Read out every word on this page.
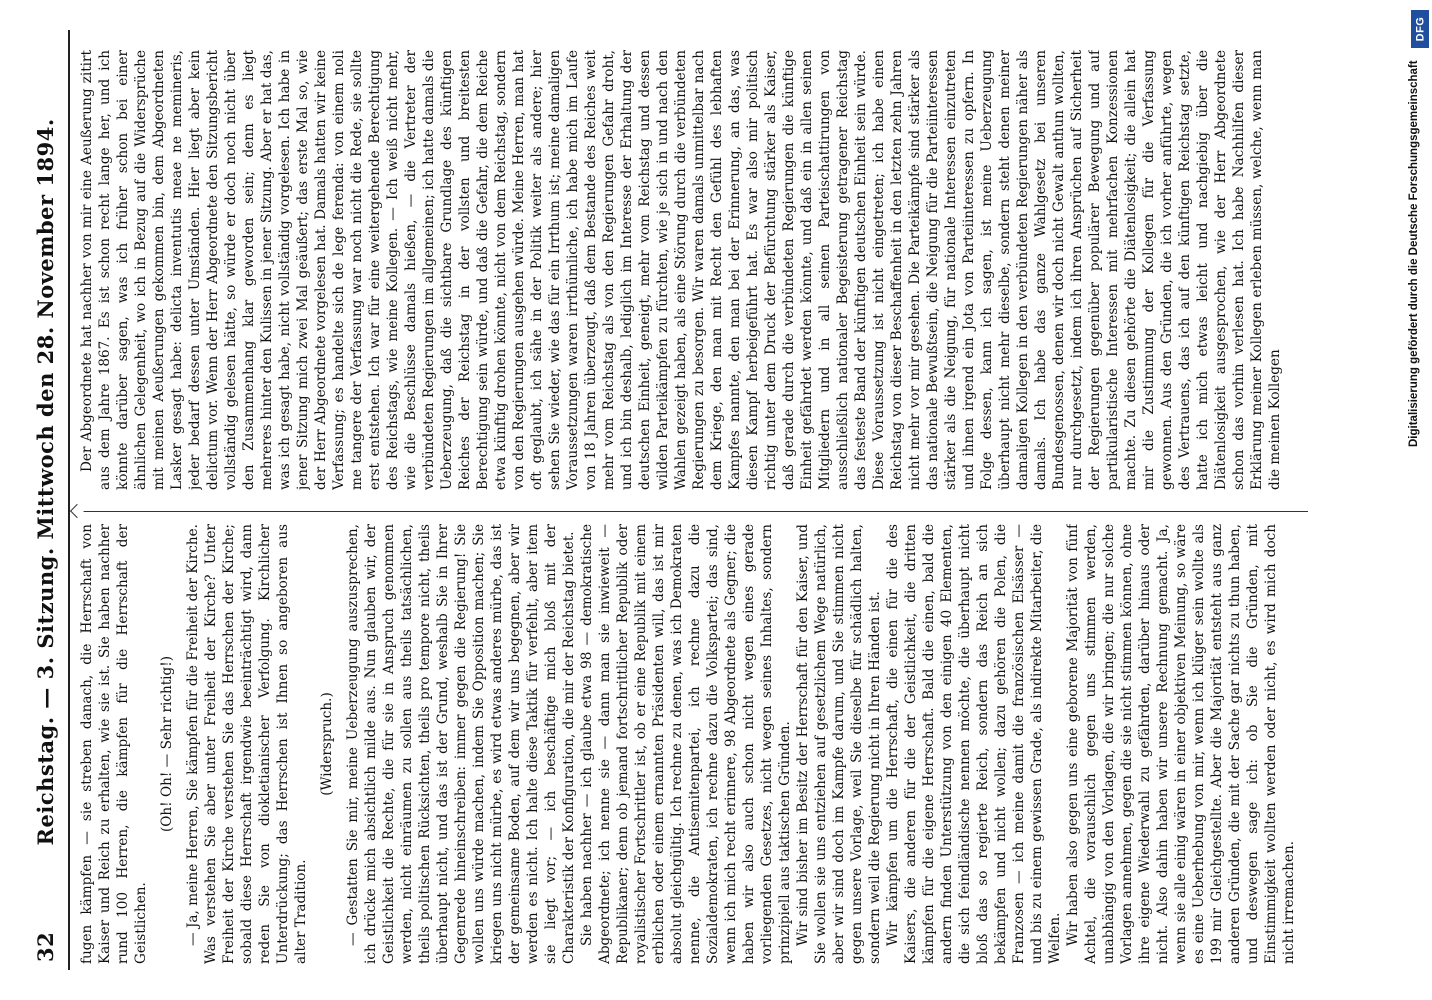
32
Reichstag. — 3. Sitzung. Mittwoch den 28. November 1894. fugen kämpfen — sie streben danach, die Herrschaft von Kaiser und Reich zu erhalten, wie sie ist. Sie haben nachher rund 100 Herren, die kämpfen für die Herrschaft der Geistlichen.

(Oh! Oh! — Sehr richtig!) — Ja, meine Herren, Sie kämpfen für die Freiheit der Kirche. Was verstehen Sie aber unter Freiheit der Kirche? Unter Freiheit der Kirche verstehen Sie das Herrschen der Kirche; sobald diese Herrschaft irgendwie beeinträchtigt wird, dann reden Sie von diokletianischer Verfolgung. Kirchlicher Unterdrückung; das Herrschen ist Ihnen so angeboren aus alter Tradition.

(Widerspruch.) — Gestatten Sie mir, meine Ueberzeugung auszusprechen, ich drücke mich absichtlich milde aus. Nun glauben wir, der Geistlichkeit die Rechte, die für sie in Anspruch genommen werden, nicht einräumen zu sollen aus theils tatsächlichen, theils politischen Rücksichten, theils pro tempore nicht, theils überhaupt nicht, und das ist der Grund, weshalb Sie in Ihrer Gegenrede hineinschreiben: immer gegen die Regierung! Sie wollen uns würde machen, indem Sie Opposition machen; Sie kriegen uns nicht mürbe, es wird etwas anderes mürbe, das ist der gemeinsame Boden, auf dem wir uns begegnen, aber wir werden es nicht. Ich halte diese Taktik für verfehlt, aber item sie liegt vor; — ich beschäftige mich bloß mit der Charakteristik der Konfiguration, die mir der Reichstag bietet. Sie haben nachher — ich glaube etwa 98 — demokratische Abgeordnete; ich nenne sie — dann man sie inwieweit — Republikaner; denn ob jemand fortschrittlicher Republik oder royalistischer Fortschrittler ist, ob er eine Republik mit einem erblichen oder einem ernannten Präsidenten will, das ist mir absolut gleichgültig. Ich rechne zu denen, was ich Demokraten nenne, die Antisemitenpartei, ich rechne dazu die Sozialdemokraten, ich rechne dazu die Volkspartei; das sind, wenn ich mich recht erinnere, 98 Abgeordnete als Gegner; die haben wir also auch schon nicht wegen eines gerade vorliegenden Gesetzes, nicht wegen seines Inhaltes, sondern prinzipiell aus taktischen Gründen. Wir sind bisher im Besitz der Herrschaft für den Kaiser, und Sie wollen sie uns entziehen auf gesetzlichem Wege natürlich, aber wir sind doch im Kampfe darum, und Sie stimmen nicht gegen unsere Vorlage, weil Sie dieselbe für schädlich halten, sondern weil die Regierung nicht in Ihren Händen ist. Wir kämpfen um die Herrschaft, die einen für die des Kaisers, die anderen für die der Geistlichkeit, die dritten kämpfen für die eigene Herrschaft. Bald die einen, bald die andern finden Unterstützung von den einigen 40 Elementen, die sich feindländische nennen möchte, die überhaupt nicht bloß das so regierte Reich, sondern das Reich an sich bekämpfen und nicht wollen; dazu gehören die Polen, die Franzosen — ich meine damit die französischen Elsässer — und bis zu einem gewissen Grade, als indirekte Mitarbeiter, die Welfen. Wir haben also gegen uns eine geborene Majorität von fünf Achtel, die vorauschlich gegen uns stimmen werden, unabhängig von den Vorlagen, die wir bringen; die nur solche Vorlagen annehmen, gegen die sie nicht stimmen können, ohne ihre eigene Wiederwahl zu gefährden, darüber hinaus oder nicht. Also dahin haben wir unsere Rechnung gemacht. Ja, wenn sie alle einig wären in einer objektiven Meinung, so wäre es eine Ueberhebung von mir, wenn ich klüger sein wollte als 199 mir Gleichgestellte. Aber die Majorität entsteht aus ganz anderen Gründen, die mit der Sache gar nichts zu thun haben, und deswegen sage ich: ob Sie die Gründen, mit Einstimmigkeit wollten werden oder nicht, es wird mich doch nicht irremachen.

Der Abgeordnete hat nachher von mir eine Aeußerung zitirt aus dem Jahre 1867. Es ist schon recht lange her, und ich könnte darüber sagen, was ich früher schon bei einer ähnlichen Gelegenheit, wo ich in Bezug auf die Widersprüche mit meinen Aeußerungen gekommen bin, dem Abgeordneten Lasker gesagt habe: delicta inventutis meae ne memineris, jeder bedarf dessen unter Umständen. Hier liegt aber kein delictum vor. Wenn der Herr Abgeordnete den Sitzungsbericht vollständig gelesen hätte, so würde er doch noch nicht über den Zusammenhang klar geworden sein; denn es liegt mehreres hinter den Kulissen in jener Sitzung. Aber er hat das, was ich gesagt habe, nicht vollständig vorgelesen. Ich habe in jener Sitzung mich zwei Mal geäußert; das erste Mal so, wie der Herr Abgeordnete vorgelesen hat. Damals hatten wir keine Verfassung; es handelte sich de lege ferenda: von einem noli me tangere der Verfassung war noch nicht die Rede, sie sollte erst entstehen. Ich war für eine weitergehende Berechtigung des Reichstags, wie meine Kollegen. — Ich weiß nicht mehr, wie die Beschlüsse damals hießen, — die Vertreter der verbündeten Regierungen im allgemeinen; ich hatte damals die Ueberzeugung, daß die sichtbare Grundlage des künftigen Reiches der Reichstag in der vollsten und breitesten Berechtigung sein würde, und daß die Gefahr, die dem Reiche etwa künftig drohen könnte, nicht von dem Reichstag, sondern von den Regierungen ausgehen würde. Meine Herren, man hat oft geglaubt, ich sähe in der Politik weiter als andere; hier sehen Sie wieder, wie das für ein Irrthum ist; meine damaligen Voraussetzungen waren irrthümliche, ich habe mich im Laufe von 18 Jahren überzeugt, daß dem Bestande des Reiches weit mehr vom Reichstag als von den Regierungen Gefahr droht, und ich bin deshalb, lediglich im Interesse der Erhaltung der deutschen Einheit, geneigt, mehr vom Reichstag und dessen wilden Parteikämpfen zu fürchten, wie je sich in und nach den Wahlen gezeigt haben, als eine Störung durch die verbündeten Regierungen zu besorgen. Wir waren damals unmittelbar nach dem Kriege, den man mit Recht den Gefühl des lebhaften Kampfes nannte, den man bei der Erinnerung, an das, was diesen Kampf herbeigeführt hat. Es war also mir politisch richtig unter dem Druck der Befürchtung stärker als Kaiser, daß gerade durch die verbündeten Regierungen die künftige Einheit gefährdet werden könnte, und daß ein in allen seinen Mitgliedern und in all seinen Parteischattirungen von ausschließlich nationaler Begeisterung getragener Reichstag das festeste Band der künftigen deutschen Einheit sein würde. Diese Voraussetzung ist nicht eingetreten; ich habe einen Reichstag von dieser Beschaffenheit in den letzten zehn Jahren nicht mehr vor mir gesehen. Die Parteikämpfe sind stärker als das nationale Bewußtsein, die Neigung für die Parteiinteressen stärker als die Neigung, für nationale Interessen einzutreten und ihnen irgend ein Jota von Parteiinteressen zu opfern. In Folge dessen, kann ich sagen, ist meine Ueberzeugung überhaupt nicht mehr dieselbe, sondern steht denen meiner damaligen Kollegen in den verbündeten Regierungen näher als damals. Ich habe das ganze Wahlgesetz bei unseren Bundesgenossen, denen wir doch nicht Gewalt anthun wollten, nur durchgesetzt, indem ich ihren Ansprüchen auf Sicherheit der Regierungen gegenüber populärer Bewegung und auf partikularistische Interessen mit mehrfachen Konzessionen machte. Zu diesen gehörte die Diätenlosigkeit; die allein hat mir die Zustimmung der Kollegen für die Verfassung gewonnen. Aus den Gründen, die ich vorher anführte, wegen des Vertrauens, das ich auf den künftigen Reichstag setzte, hatte ich mich etwas leicht und nachgiebig über die Diätenlosigkeit ausgesprochen, wie der Herr Abgeordnete schon das vorhin verlesen hat. Ich habe Nachhilfen dieser Erklärung meiner Kollegen erleben müssen, welche, wenn man die meinen Kollegen

DFG
Digitalisierung gefördert durch die Deutsche Forschungsgemeinschaft
